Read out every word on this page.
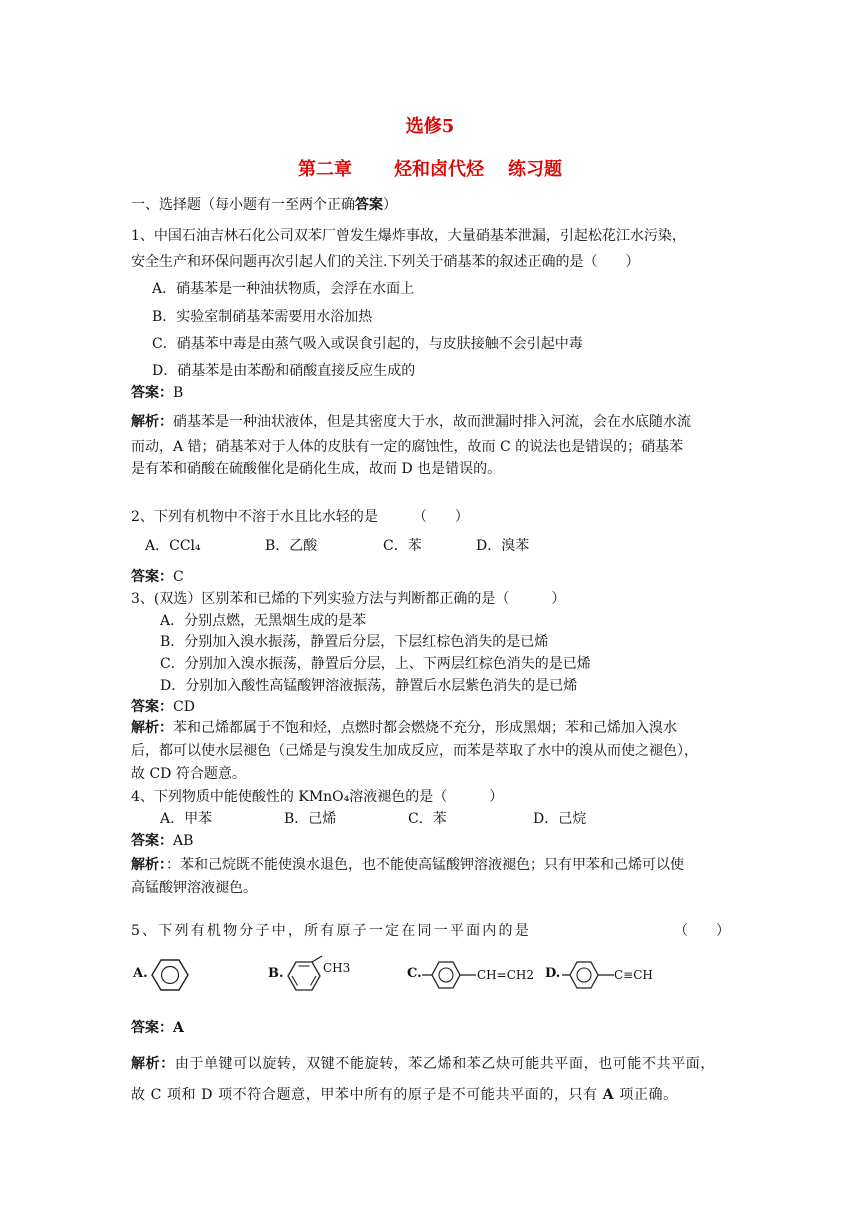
选修5
第二章 烃和卤代烃 练习题
一、选择题（每小题有一至两个正确答案）
1、中国石油吉林石化公司双苯厂曾发生爆炸事故，大量硝基苯泄漏，引起松花江水污染，
安全生产和环保问题再次引起人们的关注.下列关于硝基苯的叙述正确的是（　　）
A．硝基苯是一种油状物质，会浮在水面上
B．实验室制硝基苯需要用水浴加热
C．硝基苯中毒是由蒸气吸入或误食引起的，与皮肤接触不会引起中毒
D．硝基苯是由苯酚和硝酸直接反应生成的
答案：B
解析：硝基苯是一种油状液体，但是其密度大于水，故而泄漏时排入河流，会在水底随水流
而动，A 错；硝基苯对于人体的皮肤有一定的腐蚀性，故而 C 的说法也是错误的；硝基苯
是有苯和硝酸在硫酸催化是硝化生成，故而 D 也是错误的。
2、下列有机物中不溶于水且比水轻的是　　　（　　）
A．CCl₄	B．乙酸	C．苯	D．溴苯
答案：C
3、(双选）区别苯和已烯的下列实验方法与判断都正确的是（　　　）
A．分别点燃，无黑烟生成的是苯
B．分别加入溴水振荡，静置后分层，下层红棕色消失的是已烯
C．分别加入溴水振荡，静置后分层，上、下两层红棕色消失的是已烯
D．分别加入酸性高锰酸钾溶液振荡，静置后水层紫色消失的是已烯
答案：CD
解析：苯和己烯都属于不饱和烃，点燃时都会燃烧不充分，形成黑烟；苯和己烯加入溴水
后，都可以使水层褪色（己烯是与溴发生加成反应，而苯是萃取了水中的溴从而使之褪色），
故 CD 符合题意。
4、下列物质中能使酸性的 KMnO₄溶液褪色的是（　　　）
A．甲苯	B．己烯	C．苯	D．己烷
答案：AB
解析：：苯和己烷既不能使溴水退色，也不能使高锰酸钾溶液褪色；只有甲苯和己烯可以使
高锰酸钾溶液褪色。
5、下列有机物分子中，所有原子一定在同一平面内的是	（　　）
A.	B.	CH3	C.	CH=CH2 D.	C≡CH
答案：A
解析：由于单键可以旋转，双键不能旋转，苯乙烯和苯乙炔可能共平面，也可能不共平面，
故 C 项和 D 项不符合题意，甲苯中所有的原子是不可能共平面的，只有 A 项正确。
